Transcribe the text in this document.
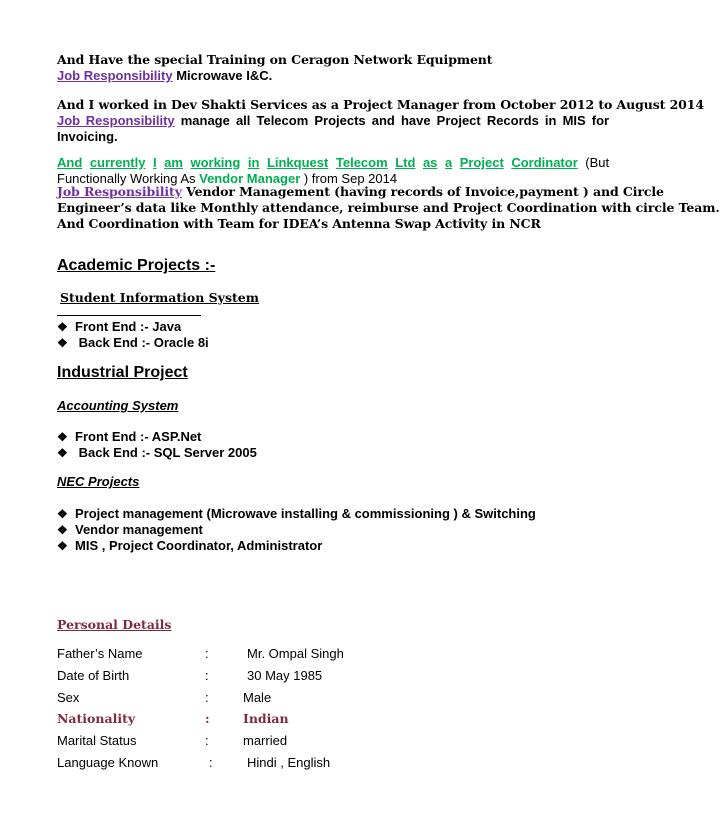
And Have the special Training on Ceragon Network Equipment
Job Responsibility Microwave I&C.
And I worked in Dev Shakti Services as a Project Manager from October 2012 to August 2014
Job Responsibility manage all Telecom Projects and have Project Records in MIS for
Invoicing.
And currently I am working in Linkquest Telecom Ltd as a Project Cordinator (But
Functionally Working As Vendor Manager ) from Sep 2014
Job Responsibility Vendor Management (having records of Invoice,payment ) and Circle
Engineer’s data like Monthly attendance, reimburse and Project Coordination with circle Team.
And Coordination with Team for IDEA’s Antenna Swap Activity in NCR
Academic Projects :-
Student Information System
❖ Front End :- Java
❖ Back End :- Oracle 8i
Industrial Project
Accounting System
❖ Front End :- ASP.Net
❖ Back End :- SQL Server 2005
NEC Projects
❖ Project management (Microwave installing & commissioning ) & Switching
❖ Vendor management
❖ MIS , Project Coordinator, Administrator
Personal Details
Father’s Name	:	Mr. Ompal Singh
Date of Birth	:	30 May 1985
Sex	:	Male
Nationality	:	Indian
Marital Status	:	married
Language Known	:	Hindi , English
